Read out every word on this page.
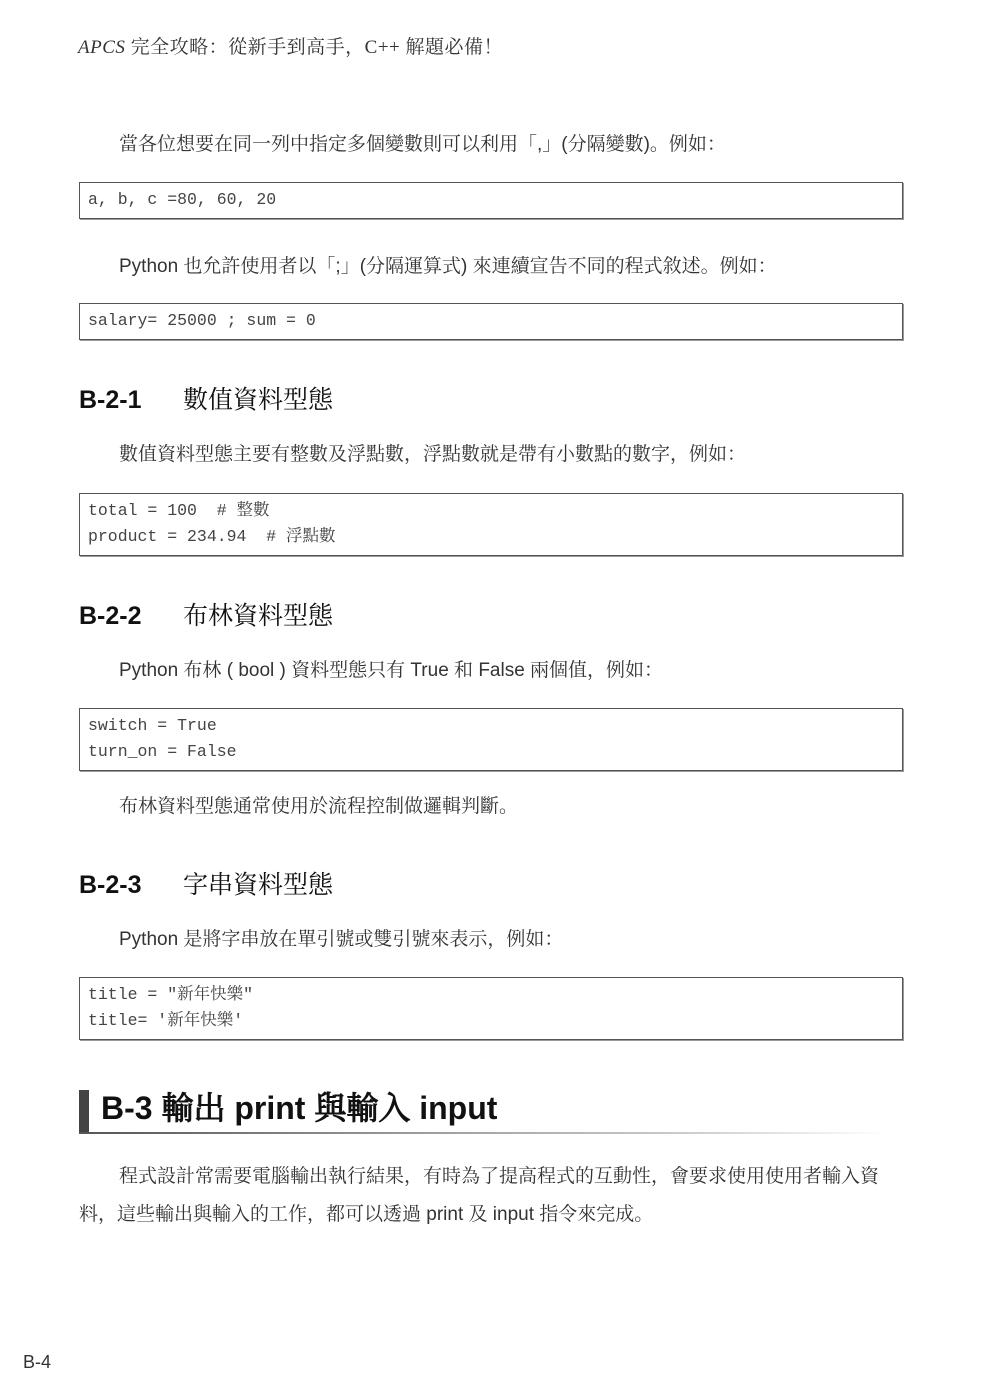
APCS 完全攻略：從新手到高手，C++ 解題必備！
當各位想要在同一列中指定多個變數則可以利用「,」(分隔變數)。例如：
a, b, c =80, 60, 20
Python 也允許使用者以「;」(分隔運算式) 來連續宣告不同的程式敘述。例如：
salary= 25000 ; sum = 0
B-2-1 數值資料型態
數值資料型態主要有整數及浮點數，浮點數就是帶有小數點的數字，例如：
total = 100  # 整數
product = 234.94  # 浮點數
B-2-2 布林資料型態
Python 布林 ( bool ) 資料型態只有 True 和 False 兩個值，例如：
switch = True
turn_on = False
布林資料型態通常使用於流程控制做邏輯判斷。
B-2-3 字串資料型態
Python 是將字串放在單引號或雙引號來表示，例如：
title = "新年快樂"
title= '新年快樂'
B-3 輸出 print 與輸入 input
程式設計常需要電腦輸出執行結果，有時為了提高程式的互動性，會要求使用使用者輸入資料，這些輸出與輸入的工作，都可以透過 print 及 input 指令來完成。
B-4
